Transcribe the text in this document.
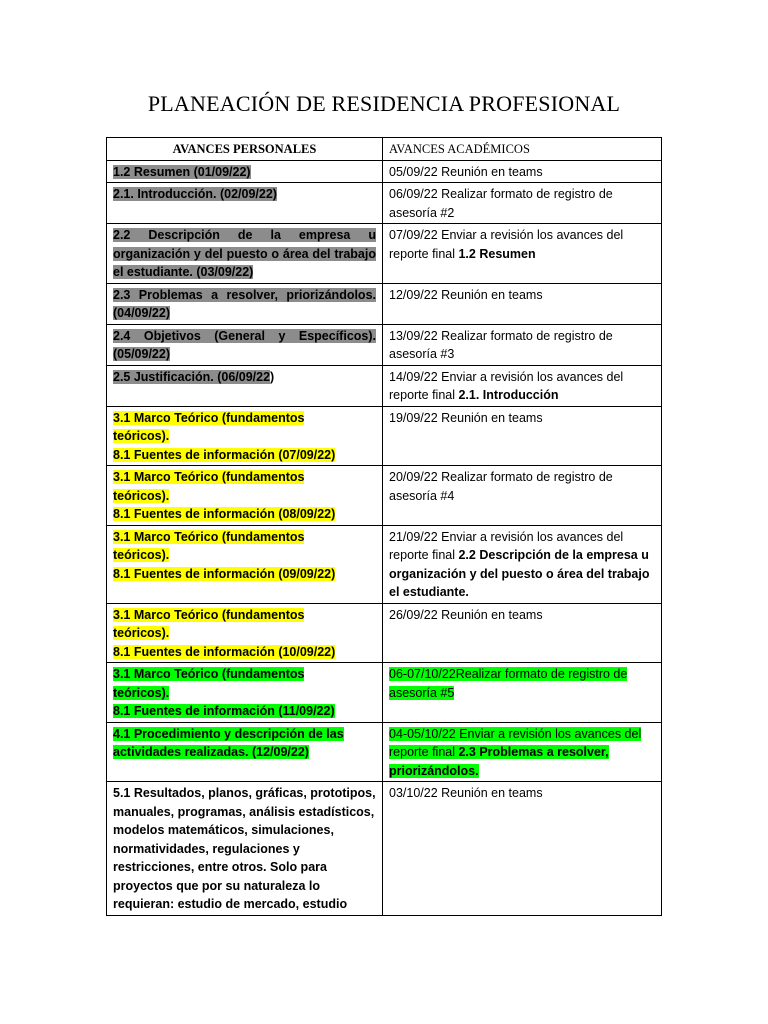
PLANEACIÓN DE RESIDENCIA PROFESIONAL
AVANCES PERSONALES	AVANCES ACADÉMICOS
1.2 Resumen (01/09/22)	05/09/22 Reunión en teams
2.1. Introducción. (02/09/22)	06/09/22 Realizar formato de registro de asesoría #2
2.2 Descripción de la empresa u organización y del puesto o área del trabajo el estudiante. (03/09/22)	07/09/22 Enviar a revisión los avances del reporte final 1.2 Resumen
2.3 Problemas a resolver, priorizándolos. (04/09/22)	12/09/22 Reunión en teams
2.4 Objetivos (General y Específicos). (05/09/22)	13/09/22 Realizar formato de registro de asesoría #3
2.5 Justificación. (06/09/22)	14/09/22 Enviar a revisión los avances del reporte final 2.1. Introducción

3.1 Marco Teórico (fundamentos
teóricos).
8.1 Fuentes de información (07/09/22)	19/09/22 Reunión en teams

3.1 Marco Teórico (fundamentos
teóricos).
8.1 Fuentes de información (08/09/22)	20/09/22 Realizar formato de registro de asesoría #4

3.1 Marco Teórico (fundamentos
teóricos).
8.1 Fuentes de información (09/09/22)	21/09/22 Enviar a revisión los avances del reporte final 2.2 Descripción de la empresa u organización y del puesto o área del trabajo el estudiante.

3.1 Marco Teórico (fundamentos
teóricos).
8.1 Fuentes de información (10/09/22)	26/09/22 Reunión en teams

3.1 Marco Teórico (fundamentos
teóricos).
8.1 Fuentes de información (11/09/22)	06-07/10/22Realizar formato de registro de asesoría #5
4.1 Procedimiento y descripción de las actividades realizadas. (12/09/22)	04-05/10/22 Enviar a revisión los avances del reporte final 2.3 Problemas a resolver, priorizándolos.
5.1 Resultados, planos, gráficas, prototipos, manuales, programas, análisis estadísticos, modelos matemáticos, simulaciones, normatividades, regulaciones y restricciones, entre otros. Solo para proyectos que por su naturaleza lo requieran: estudio de mercado, estudio	03/10/22 Reunión en teams
